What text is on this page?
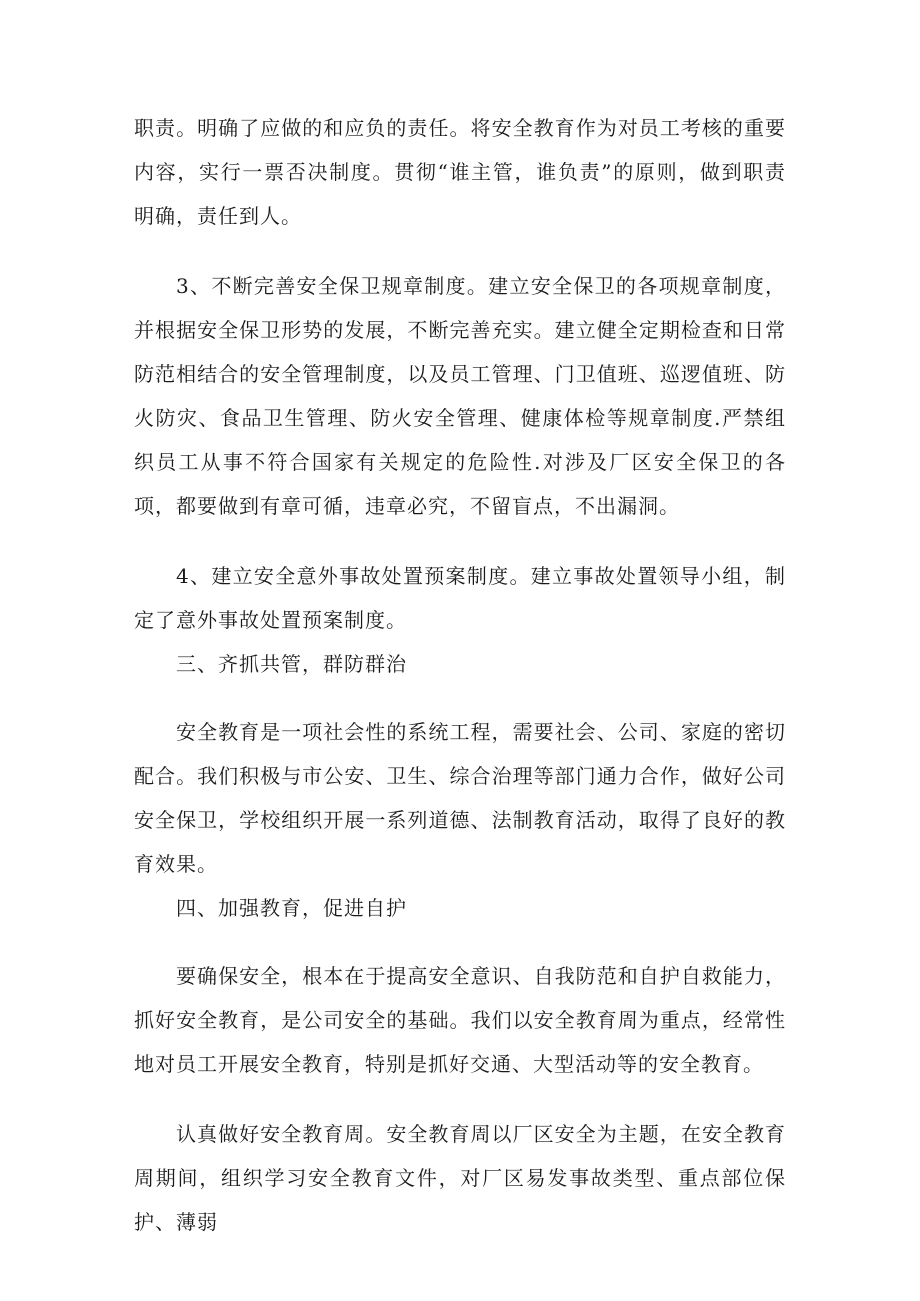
职责。明确了应做的和应负的责任。将安全教育作为对员工考核的重要内容，实行一票否决制度。贯彻“谁主管，谁负责”的原则，做到职责明确，责任到人。

3、不断完善安全保卫规章制度。建立安全保卫的各项规章制度，并根据安全保卫形势的发展，不断完善充实。建立健全定期检查和日常防范相结合的安全管理制度，以及员工管理、门卫值班、巡逻值班、防火防灾、食品卫生管理、防火安全管理、健康体检等规章制度.严禁组织员工从事不符合国家有关规定的危险性.对涉及厂区安全保卫的各项，都要做到有章可循，违章必究，不留盲点，不出漏洞。

4、建立安全意外事故处置预案制度。建立事故处置领导小组，制定了意外事故处置预案制度。

三、齐抓共管，群防群治

安全教育是一项社会性的系统工程，需要社会、公司、家庭的密切配合。我们积极与市公安、卫生、综合治理等部门通力合作，做好公司安全保卫，学校组织开展一系列道德、法制教育活动，取得了良好的教育效果。

四、加强教育，促进自护

要确保安全，根本在于提高安全意识、自我防范和自护自救能力，抓好安全教育，是公司安全的基础。我们以安全教育周为重点，经常性地对员工开展安全教育，特别是抓好交通、大型活动等的安全教育。

认真做好安全教育周。安全教育周以厂区安全为主题，在安全教育周期间，组织学习安全教育文件，对厂区易发事故类型、重点部位保护、薄弱
